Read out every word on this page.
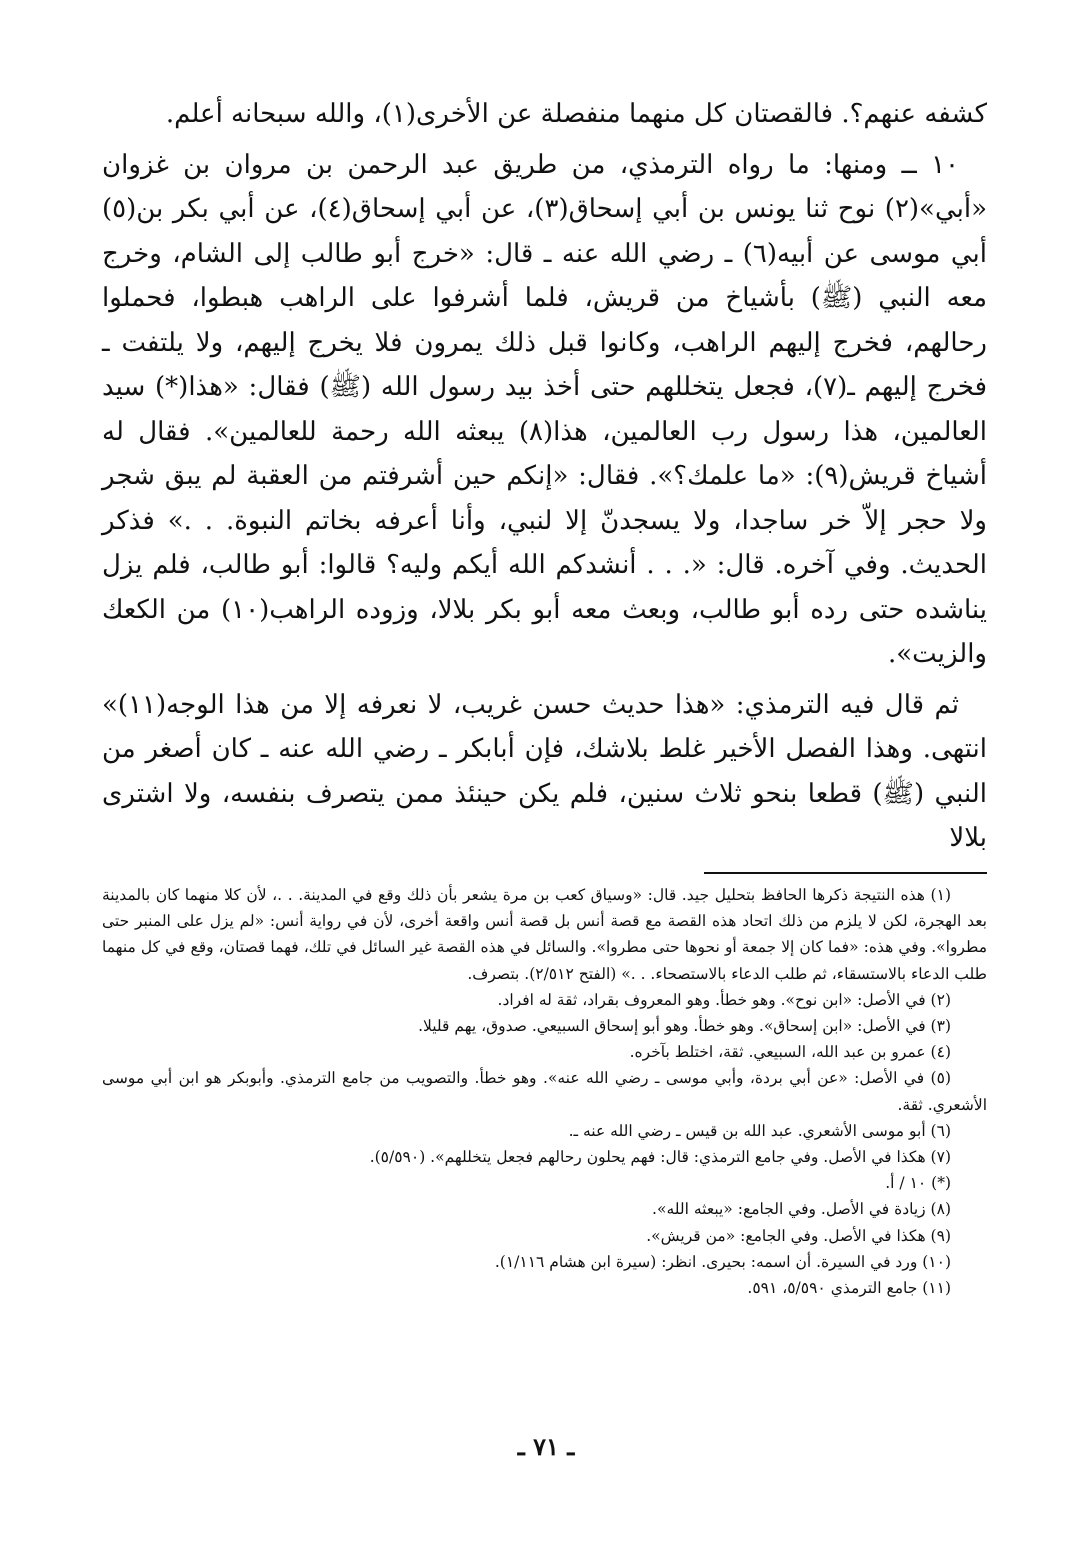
كشفه عنهم؟. فالقصتان كل منهما منفصلة عن الأخرى(١)، والله سبحانه أعلم.

١٠ ــ ومنها: ما رواه الترمذي، من طريق عبد الرحمن بن مروان بن غزوان «أبي»(٢) نوح ثنا يونس بن أبي إسحاق(٣)، عن أبي إسحاق(٤)، عن أبي بكر بن(٥) أبي موسى عن أبيه(٦) ـ رضي الله عنه ـ قال: «خرج أبو طالب إلى الشام، وخرج معه النبي (ﷺ) بأشياخ من قريش، فلما أشرفوا على الراهب هبطوا، فحملوا رحالهم، فخرج إليهم الراهب، وكانوا قبل ذلك يمرون فلا يخرج إليهم، ولا يلتفت ـ فخرج إليهم ـ(٧)، فجعل يتخللهم حتى أخذ بيد رسول الله (ﷺ) فقال: «هذا(*) سيد العالمين، هذا رسول رب العالمين، هذا(٨) يبعثه الله رحمة للعالمين». فقال له أشياخ قريش(٩): «ما علمك؟». فقال: «إنكم حين أشرفتم من العقبة لم يبق شجر ولا حجر إلاّ خر ساجدا، ولا يسجدنّ إلا لنبي، وأنا أعرفه بخاتم النبوة. . .» فذكر الحديث. وفي آخره. قال: «. . . أنشدكم الله أيكم وليه؟ قالوا: أبو طالب، فلم يزل يناشده حتى رده أبو طالب، وبعث معه أبو بكر بلالا، وزوده الراهب(١٠) من الكعك والزيت».

ثم قال فيه الترمذي: «هذا حديث حسن غريب، لا نعرفه إلا من هذا الوجه(١١)» انتهى. وهذا الفصل الأخير غلط بلاشك، فإن أبابكر ـ رضي الله عنه ـ كان أصغر من النبي (ﷺ) قطعا بنحو ثلاث سنين، فلم يكن حينئذ ممن يتصرف بنفسه، ولا اشترى بلالا

(١) هذه النتيجة ذكرها الحافظ بتحليل جيد. قال: «وسياق كعب بن مرة يشعر بأن ذلك وقع في المدينة. . .، لأن كلا منهما كان بالمدينة بعد الهجرة، لكن لا يلزم من ذلك اتحاد هذه القصة مع قصة أنس بل قصة أنس واقعة أخرى، لأن في رواية أنس: «لم يزل على المنبر حتى مطروا». وفي هذه: «فما كان إلا جمعة أو نحوها حتى مطروا». والسائل في هذه القصة غير السائل في تلك، فهما قصتان، وقع في كل منهما طلب الدعاء بالاستسقاء، ثم طلب الدعاء بالاستصحاء. . .» (الفتح ٢/٥١٢). بتصرف.

(٢) في الأصل: «ابن نوح». وهو خطأ. وهو المعروف بقراد، ثقة له افراد.

(٣) في الأصل: «ابن إسحاق». وهو خطأ. وهو أبو إسحاق السبيعي. صدوق، يهم قليلا.

(٤) عمرو بن عبد الله، السبيعي. ثقة، اختلط بآخره.

(٥) في الأصل: «عن أبي بردة، وأبي موسى ـ رضي الله عنه». وهو خطأ. والتصويب من جامع الترمذي. وأبوبكر هو ابن أبي موسى الأشعري. ثقة.

(٦) أبو موسى الأشعري. عبد الله بن قيس ـ رضي الله عنه ـ.

(٧) هكذا في الأصل. وفي جامع الترمذي: قال: فهم يحلون رحالهم فجعل يتخللهم». (٥/٥٩٠).

(*) ١٠ / أ.

(٨) زيادة في الأصل. وفي الجامع: «يبعثه الله».

(٩) هكذا في الأصل. وفي الجامع: «من قريش».

(١٠) ورد في السيرة. أن اسمه: بحيرى. انظر: (سيرة ابن هشام ١/١١٦).

(١١) جامع الترمذي ٥/٥٩٠، ٥٩١.

ـ ٧١ ـ
